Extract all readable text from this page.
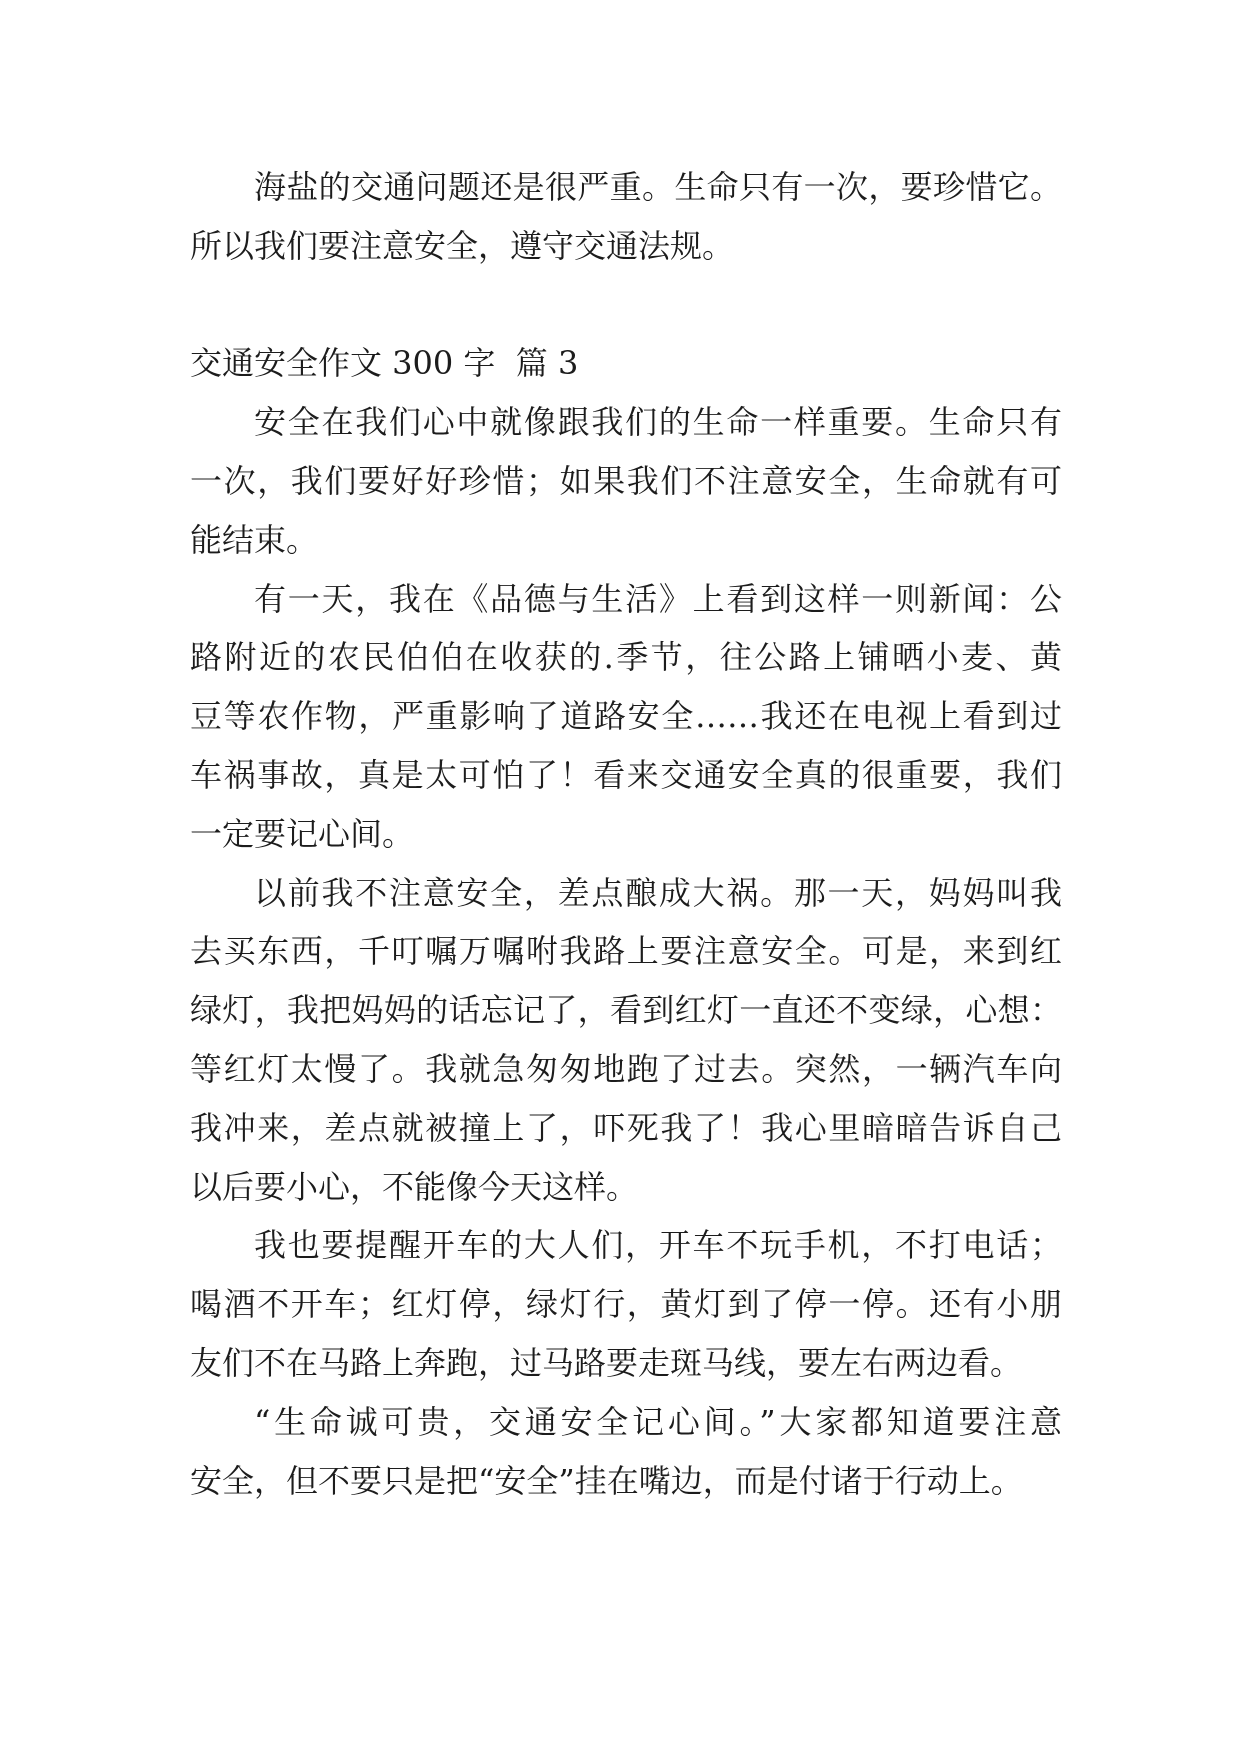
海盐的交通问题还是很严重。生命只有一次，要珍惜它。
所以我们要注意安全，遵守交通法规。
交通安全作文 300 字  篇 3
安全在我们心中就像跟我们的生命一样重要。生命只有
一次，我们要好好珍惜；如果我们不注意安全，生命就有可
能结束。
有一天，我在《品德与生活》上看到这样一则新闻：公
路附近的农民伯伯在收获的.季节，往公路上铺晒小麦、黄
豆等农作物，严重影响了道路安全……我还在电视上看到过
车祸事故，真是太可怕了！看来交通安全真的很重要，我们
一定要记心间。
以前我不注意安全，差点酿成大祸。那一天，妈妈叫我
去买东西，千叮嘱万嘱咐我路上要注意安全。可是，来到红
绿灯，我把妈妈的话忘记了，看到红灯一直还不变绿，心想：
等红灯太慢了。我就急匆匆地跑了过去。突然，一辆汽车向
我冲来，差点就被撞上了，吓死我了！我心里暗暗告诉自己
以后要小心，不能像今天这样。
我也要提醒开车的大人们，开车不玩手机，不打电话；
喝酒不开车；红灯停，绿灯行，黄灯到了停一停。还有小朋
友们不在马路上奔跑，过马路要走斑马线，要左右两边看。
“生命诚可贵，交通安全记心间。”大家都知道要注意
安全，但不要只是把“安全”挂在嘴边，而是付诸于行动上。
